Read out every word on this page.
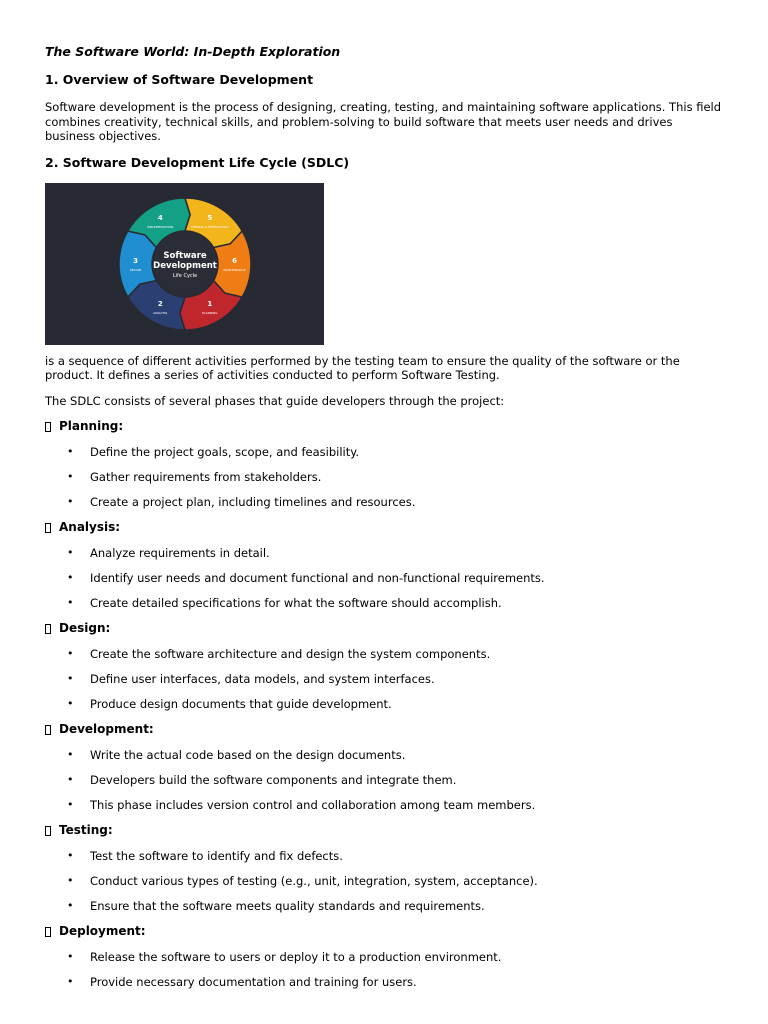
The Software World: In-Depth Exploration
1. Overview of Software Development
Software development is the process of designing, creating, testing, and maintaining software applications. This field combines creativity, technical skills, and problem-solving to build software that meets user needs and drives business objectives.
2. Software Development Life Cycle (SDLC)
1
PLANNING
2
ANALYSIS
3
DESIGN
4
IMPLEMENTATION
5
TESTING & INTEGRATION
6
MAINTENANCE
Software
Development
Life Cycle
is a sequence of different activities performed by the testing team to ensure the quality of the software or the product. It defines a series of activities conducted to perform Software Testing.
The SDLC consists of several phases that guide developers through the project:
Planning:
• Define the project goals, scope, and feasibility.
• Gather requirements from stakeholders.
• Create a project plan, including timelines and resources.
Analysis:
• Analyze requirements in detail.
• Identify user needs and document functional and non-functional requirements.
• Create detailed specifications for what the software should accomplish.
Design:
• Create the software architecture and design the system components.
• Define user interfaces, data models, and system interfaces.
• Produce design documents that guide development.
Development:
• Write the actual code based on the design documents.
• Developers build the software components and integrate them.
• This phase includes version control and collaboration among team members.
Testing:
• Test the software to identify and fix defects.
• Conduct various types of testing (e.g., unit, integration, system, acceptance).
• Ensure that the software meets quality standards and requirements.
Deployment:
• Release the software to users or deploy it to a production environment.
• Provide necessary documentation and training for users.
